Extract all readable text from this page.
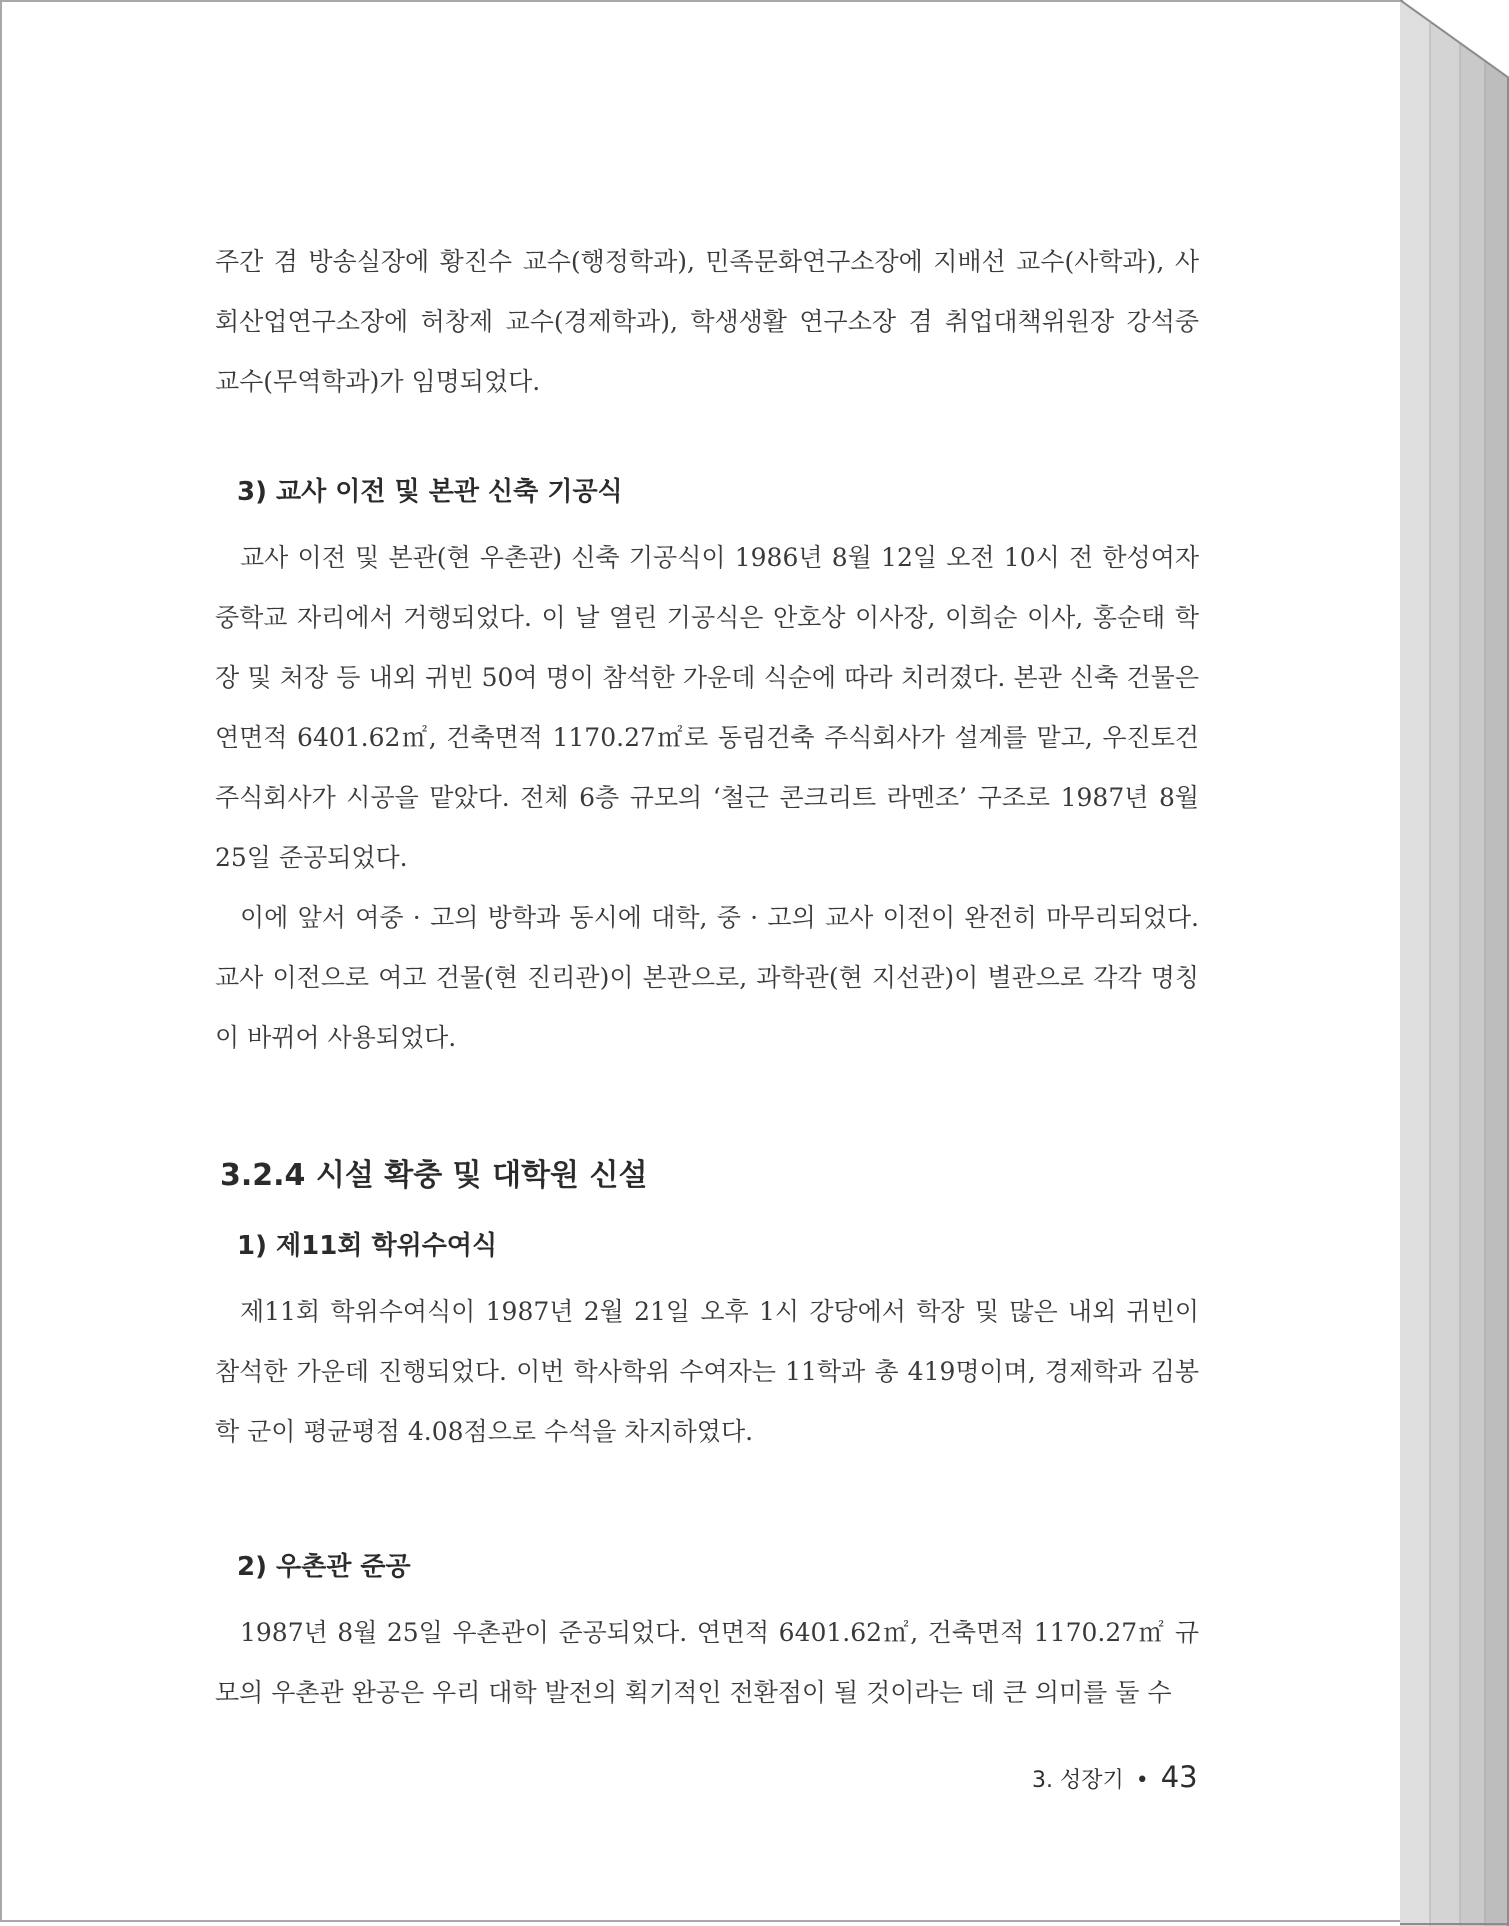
주간 겸 방송실장에 황진수 교수(행정학과), 민족문화연구소장에 지배선 교수(사학과), 사회산업연구소장에 허창제 교수(경제학과), 학생생활 연구소장 겸 취업대책위원장 강석중 교수(무역학과)가 임명되었다.

3) 교사 이전 및 본관 신축 기공식

교사 이전 및 본관(현 우촌관) 신축 기공식이 1986년 8월 12일 오전 10시 전 한성여자중학교 자리에서 거행되었다. 이 날 열린 기공식은 안호상 이사장, 이희순 이사, 홍순태 학장 및 처장 등 내외 귀빈 50여 명이 참석한 가운데 식순에 따라 치러졌다. 본관 신축 건물은 연면적 6401.62㎡, 건축면적 1170.27㎡로 동림건축 주식회사가 설계를 맡고, 우진토건 주식회사가 시공을 맡았다. 전체 6층 규모의 ‘철근 콘크리트 라멘조’ 구조로 1987년 8월 25일 준공되었다.

이에 앞서 여중 · 고의 방학과 동시에 대학, 중 · 고의 교사 이전이 완전히 마무리되었다. 교사 이전으로 여고 건물(현 진리관)이 본관으로, 과학관(현 지선관)이 별관으로 각각 명칭이 바뀌어 사용되었다.

3.2.4 시설 확충 및 대학원 신설
1) 제11회 학위수여식

제11회 학위수여식이 1987년 2월 21일 오후 1시 강당에서 학장 및 많은 내외 귀빈이 참석한 가운데 진행되었다. 이번 학사학위 수여자는 11학과 총 419명이며, 경제학과 김봉학 군이 평균평점 4.08점으로 수석을 차지하였다.

2) 우촌관 준공

1987년 8월 25일 우촌관이 준공되었다. 연면적 6401.62㎡, 건축면적 1170.27㎡ 규모의 우촌관 완공은 우리 대학 발전의 획기적인 전환점이 될 것이라는 데 큰 의미를 둘 수

3. 성장기 • 43
